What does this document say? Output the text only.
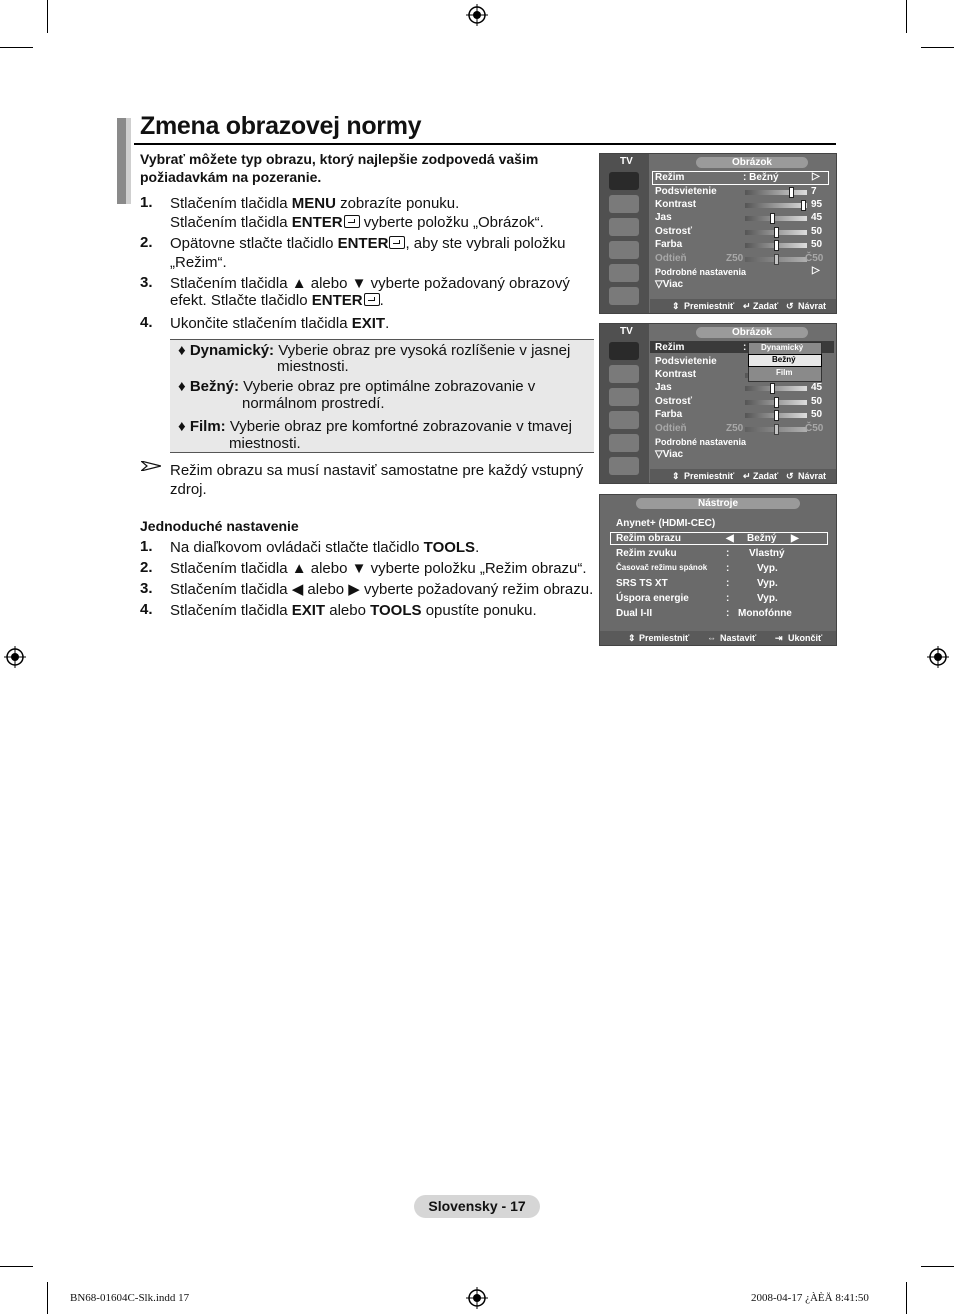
Zmena obrazovej normy
Vybrať môžete typ obrazu, ktorý najlepšie zodpovedá vašim požiadavkám na pozeranie.
1. Stlačením tlačidla MENU zobrazíte ponuku.
Stlačením tlačidla ENTER vyberte položku „Obrázok“.
2. Opätovne stlačte tlačidlo ENTER , aby ste vybrali položku
„Režim“.
3. Stlačením tlačidla ▲ alebo ▼ vyberte požadovaný obrazový
efekt. Stlačte tlačidlo ENTER .
4. Ukončite stlačením tlačidla EXIT.
♦ Dynamický: Vyberie obraz pre vysoká rozlíšenie v jasnej
miestnosti.
♦ Bežný: Vyberie obraz pre optimálne zobrazovanie v
normálnom prostredí.
♦ Film: Vyberie obraz pre komfortné zobrazovanie v tmavej
miestnosti.
Režim obrazu sa musí nastaviť samostatne pre každý vstupný
zdroj.
Jednoduché nastavenie
1. Na diaľkovom ovládači stlačte tlačidlo TOOLS.
2. Stlačením tlačidla ▲ alebo ▼ vyberte položku „Režim obrazu“.
3. Stlačením tlačidla ◀ alebo ▶ vyberte požadovaný režim obrazu.
4. Stlačením tlačidla EXIT alebo TOOLS opustíte ponuku.
TV	Obrázok
Režim	: Bežný	▷
Podsvietenie	7
Kontrast	95
Jas	45
Ostrosť	50
Farba	50
Odtieň	Z50	Č50
Podrobné nastavenia	▷
▽Viac
⇕ Premiestniť ↵ Zadať ↺ Návrat
TV	Obrázok
Režim	:
Podsvietenie
Kontrast
Jas	45
Ostrosť	50
Farba	50
Odtieň	Z50	Č50
Podrobné nastavenia
▽Viac
Dynamický
Bežný
Film
⇕ Premiestniť ↵ Zadať ↺ Návrat
Nástroje
Anynet+ (HDMI-CEC)
Režim obrazu	◀ Bežný ▶
Režim zvuku	: Vlastný
Časovač režimu spánok :	Vyp.
SRS TS XT	:	Vyp.
Úspora energie	:	Vyp.
Dual I-II	: Monofónne
⇕ Premiestniť ⇔ Nastaviť ⇥ Ukončiť
Slovensky - 17
BN68-01604C-Slk.indd 17	2008-04-17 ¿ÀÈÄ 8:41:50
